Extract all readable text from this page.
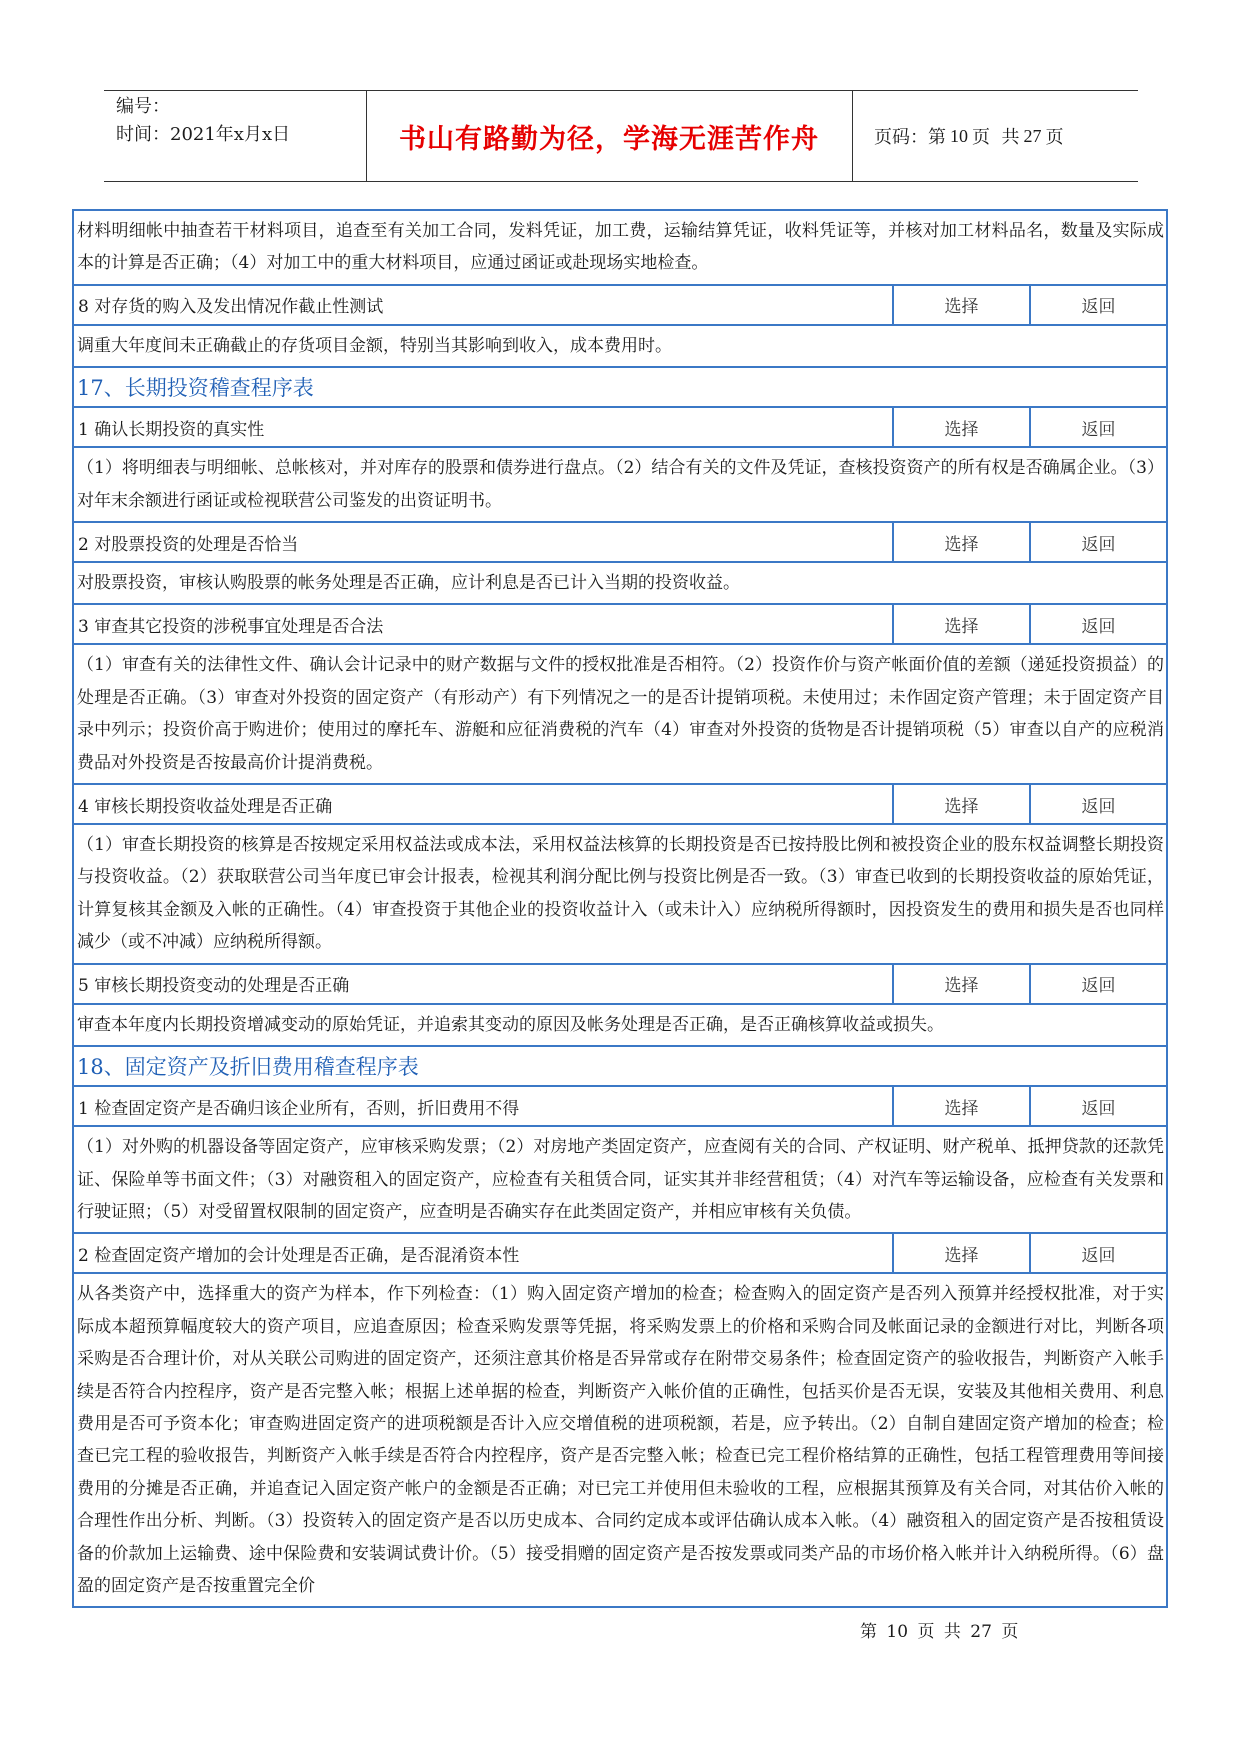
编号：
时间：2021年x月x日	书山有路勤为径，学海无涯苦作舟	页码：第 10 页  共 27 页
材料明细帐中抽查若干材料项目，追查至有关加工合同，发料凭证，加工费，运输结算凭证，收料凭证等，并核对加工材料品名，数量及实际成本的计算是否正确；（4）对加工中的重大材料项目，应通过函证或赴现场实地检查。
8 对存货的购入及发出情况作截止性测试	选择	返回
调重大年度间未正确截止的存货项目金额，特别当其影响到收入，成本费用时。
17、长期投资稽查程序表
1 确认长期投资的真实性	选择	返回
（1）将明细表与明细帐、总帐核对，并对库存的股票和债券进行盘点。（2）结合有关的文件及凭证，查核投资资产的所有权是否确属企业。（3）对年末余额进行函证或检视联营公司鉴发的出资证明书。
2 对股票投资的处理是否恰当	选择	返回
对股票投资，审核认购股票的帐务处理是否正确，应计利息是否已计入当期的投资收益。
3 审查其它投资的涉税事宜处理是否合法	选择	返回
（1）审查有关的法律性文件、确认会计记录中的财产数据与文件的授权批准是否相符。（2）投资作价与资产帐面价值的差额（递延投资损益）的处理是否正确。（3）审查对外投资的固定资产（有形动产）有下列情况之一的是否计提销项税。未使用过；未作固定资产管理；未于固定资产目录中列示；投资价高于购进价；使用过的摩托车、游艇和应征消费税的汽车（4）审查对外投资的货物是否计提销项税（5）审查以自产的应税消费品对外投资是否按最高价计提消费税。
4 审核长期投资收益处理是否正确	选择	返回
（1）审查长期投资的核算是否按规定采用权益法或成本法，采用权益法核算的长期投资是否已按持股比例和被投资企业的股东权益调整长期投资与投资收益。（2）获取联营公司当年度已审会计报表，检视其利润分配比例与投资比例是否一致。（3）审查已收到的长期投资收益的原始凭证，计算复核其金额及入帐的正确性。（4）审查投资于其他企业的投资收益计入（或未计入）应纳税所得额时，因投资发生的费用和损失是否也同样减少（或不冲减）应纳税所得额。
5 审核长期投资变动的处理是否正确	选择	返回
审查本年度内长期投资增减变动的原始凭证，并追索其变动的原因及帐务处理是否正确，是否正确核算收益或损失。
18、固定资产及折旧费用稽查程序表
1 检查固定资产是否确归该企业所有，否则，折旧费用不得	选择	返回
（1）对外购的机器设备等固定资产，应审核采购发票；（2）对房地产类固定资产，应查阅有关的合同、产权证明、财产税单、抵押贷款的还款凭证、保险单等书面文件；（3）对融资租入的固定资产，应检查有关租赁合同，证实其并非经营租赁；（4）对汽车等运输设备，应检查有关发票和行驶证照；（5）对受留置权限制的固定资产，应查明是否确实存在此类固定资产，并相应审核有关负债。
2 检查固定资产增加的会计处理是否正确，是否混淆资本性	选择	返回
从各类资产中，选择重大的资产为样本，作下列检查：（1）购入固定资产增加的检查；检查购入的固定资产是否列入预算并经授权批准，对于实际成本超预算幅度较大的资产项目，应追查原因；检查采购发票等凭据，将采购发票上的价格和采购合同及帐面记录的金额进行对比，判断各项采购是否合理计价，对从关联公司购进的固定资产，还须注意其价格是否异常或存在附带交易条件；检查固定资产的验收报告，判断资产入帐手续是否符合内控程序，资产是否完整入帐；根据上述单据的检查，判断资产入帐价值的正确性，包括买价是否无误，安装及其他相关费用、利息费用是否可予资本化；审查购进固定资产的进项税额是否计入应交增值税的进项税额，若是，应予转出。（2）自制自建固定资产增加的检查；检查已完工程的验收报告，判断资产入帐手续是否符合内控程序，资产是否完整入帐；检查已完工程价格结算的正确性，包括工程管理费用等间接费用的分摊是否正确，并追查记入固定资产帐户的金额是否正确；对已完工并使用但未验收的工程，应根据其预算及有关合同，对其估价入帐的合理性作出分析、判断。（3）投资转入的固定资产是否以历史成本、合同约定成本或评估确认成本入帐。（4）融资租入的固定资产是否按租赁设备的价款加上运输费、途中保险费和安装调试费计价。（5）接受捐赠的固定资产是否按发票或同类产品的市场价格入帐并计入纳税所得。（6）盘盈的固定资产是否按重置完全价
第 10 页 共 27 页
